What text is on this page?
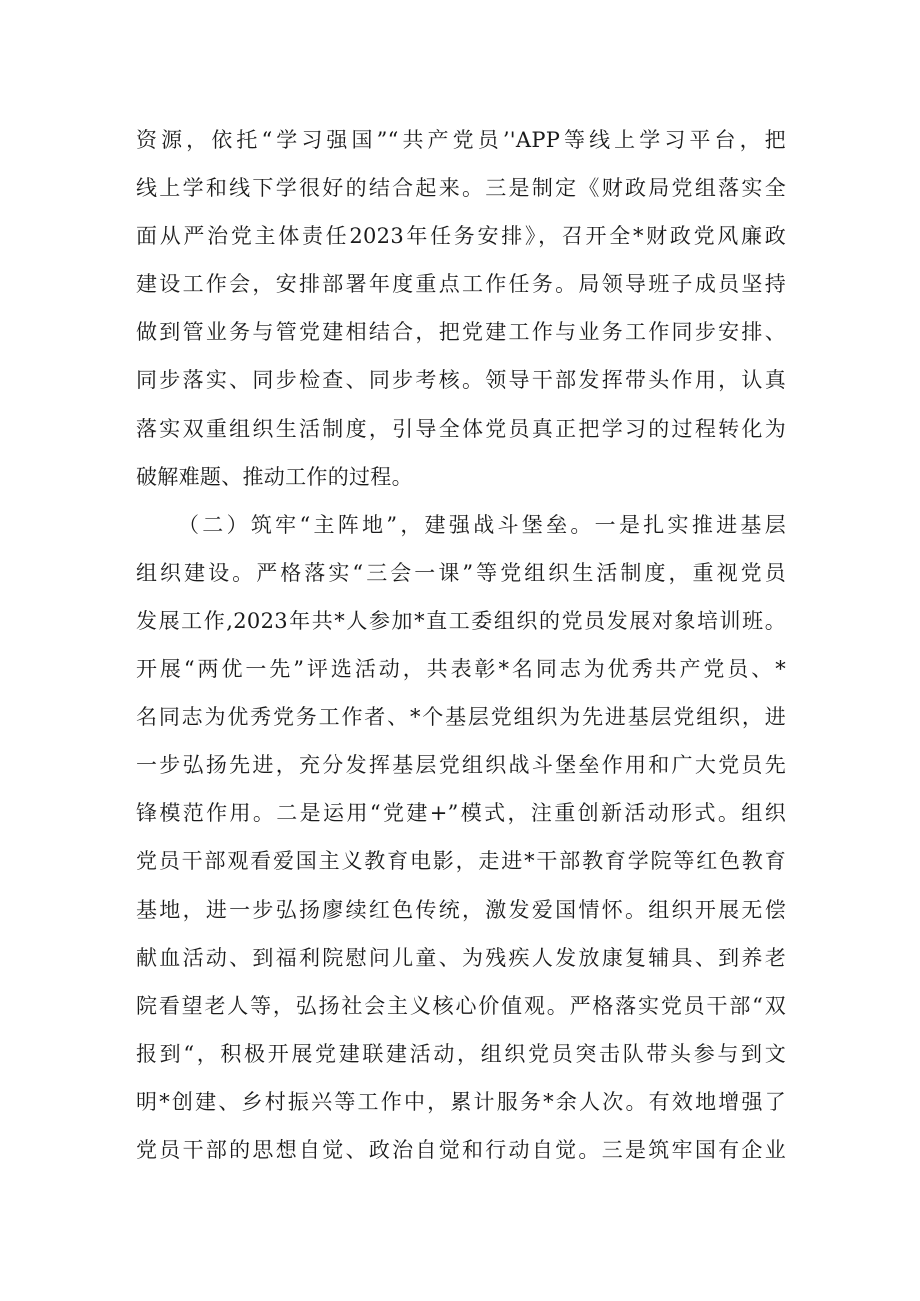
资源，依托“学习强国”“共产党员’'APP等线上学习平台，把
线上学和线下学很好的结合起来。三是制定《财政局党组落实全
面从严治党主体责任2023年任务安排》，召开全*财政党风廉政
建设工作会，安排部署年度重点工作任务。局领导班子成员坚持
做到管业务与管党建相结合，把党建工作与业务工作同步安排、
同步落实、同步检查、同步考核。领导干部发挥带头作用，认真
落实双重组织生活制度，引导全体党员真正把学习的过程转化为
破解难题、推动工作的过程。
（二）筑牢“主阵地”，建强战斗堡垒。一是扎实推进基层
组织建设。严格落实“三会一课”等党组织生活制度，重视党员
发展工作,2023年共*人参加*直工委组织的党员发展对象培训班。
开展“两优一先”评选活动，共表彰*名同志为优秀共产党员、*
名同志为优秀党务工作者、*个基层党组织为先进基层党组织，进
一步弘扬先进，充分发挥基层党组织战斗堡垒作用和广大党员先
锋模范作用。二是运用“党建+”模式，注重创新活动形式。组织
党员干部观看爱国主义教育电影，走进*干部教育学院等红色教育
基地，进一步弘扬廖续红色传统，激发爱国情怀。组织开展无偿
献血活动、到福利院慰问儿童、为残疾人发放康复辅具、到养老
院看望老人等，弘扬社会主义核心价值观。严格落实党员干部“双
报到“，积极开展党建联建活动，组织党员突击队带头参与到文
明*创建、乡村振兴等工作中，累计服务*余人次。有效地增强了
党员干部的思想自觉、政治自觉和行动自觉。三是筑牢国有企业
